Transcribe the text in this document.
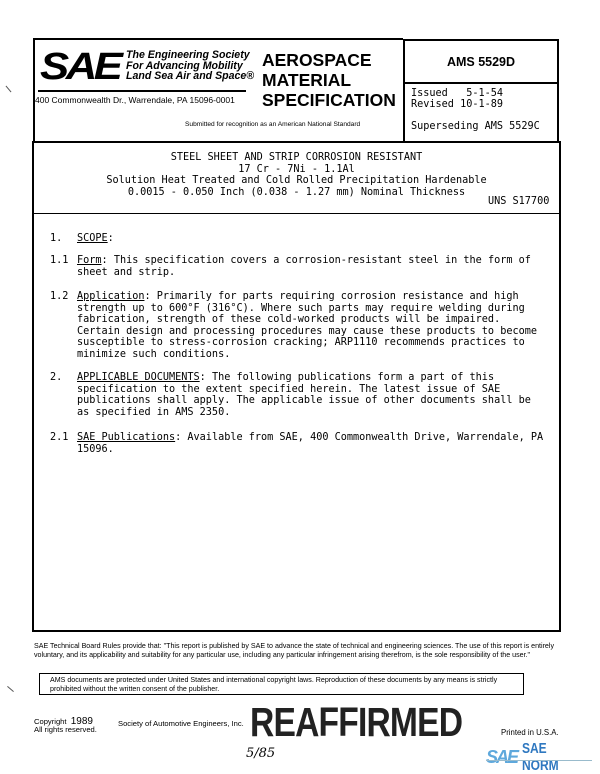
SAE The Engineering Society
For Advancing Mobility
Land Sea Air and Space®
400 Commonwealth Dr., Warrendale, PA 15096-0001
AEROSPACE
MATERIAL
SPECIFICATION
Submitted for recognition as an American National Standard
AMS 5529D
Issued   5-1-54
Revised 10-1-89
Superseding AMS 5529C
STEEL SHEET AND STRIP CORROSION RESISTANT
17 Cr - 7Ni - 1.1Al
Solution Heat Treated and Cold Rolled Precipitation Hardenable
0.0015 - 0.050 Inch (0.038 - 1.27 mm) Nominal Thickness
UNS S17700
1. SCOPE:
1.1 Form: This specification covers a corrosion-resistant steel in the form of sheet and strip.
1.2 Application: Primarily for parts requiring corrosion resistance and high strength up to 600°F (316°C). Where such parts may require welding during fabrication, strength of these cold-worked products will be impaired. Certain design and processing procedures may cause these products to become susceptible to stress-corrosion cracking; ARP1110 recommends practices to minimize such conditions.
2. APPLICABLE DOCUMENTS: The following publications form a part of this specification to the extent specified herein. The latest issue of SAE publications shall apply. The applicable issue of other documents shall be as specified in AMS 2350.
2.1 SAE Publications: Available from SAE, 400 Commonwealth Drive, Warrendale, PA 15096.
SAE Technical Board Rules provide that: "This report is published by SAE to advance the state of technical and engineering sciences. The use of this report is entirely voluntary, and its applicability and suitability for any particular use, including any particular infringement arising therefrom, is the sole responsibility of the user."
AMS documents are protected under United States and international copyright laws. Reproduction of these documents by any means is strictly prohibited without the written consent of the publisher.
Copyright 1989
All rights reserved.
Society of Automotive Engineers, Inc. REAFFIRMED
5/85
Printed in U.S.A.
SAE SAE NORM
